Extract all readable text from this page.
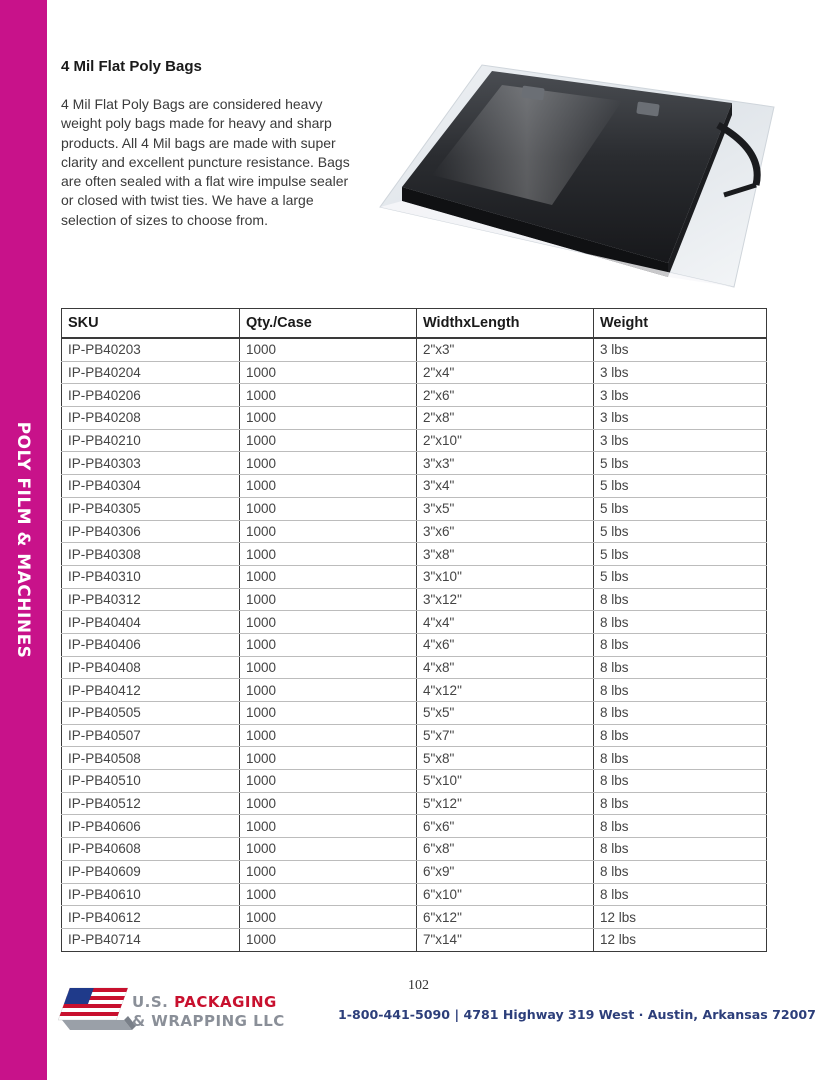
POLY FILM & MACHINES
4 Mil Flat Poly Bags
4 Mil Flat Poly Bags are considered heavy weight poly bags made for heavy and sharp products. All 4 Mil bags are made with super clarity and excellent puncture resistance. Bags are often sealed with a flat wire impulse sealer or closed with twist ties. We have a large selection of sizes to choose from.
SKU	Qty./Case	WidthxLength	Weight
IP-PB40203	1000	2"x3"	3 lbs
IP-PB40204	1000	2"x4"	3 lbs
IP-PB40206	1000	2"x6"	3 lbs
IP-PB40208	1000	2"x8"	3 lbs
IP-PB40210	1000	2"x10"	3 lbs
IP-PB40303	1000	3"x3"	5 lbs
IP-PB40304	1000	3"x4"	5 lbs
IP-PB40305	1000	3"x5"	5 lbs
IP-PB40306	1000	3"x6"	5 lbs
IP-PB40308	1000	3"x8"	5 lbs
IP-PB40310	1000	3"x10"	5 lbs
IP-PB40312	1000	3"x12"	8 lbs
IP-PB40404	1000	4"x4"	8 lbs
IP-PB40406	1000	4"x6"	8 lbs
IP-PB40408	1000	4"x8"	8 lbs
IP-PB40412	1000	4"x12"	8 lbs
IP-PB40505	1000	5"x5"	8 lbs
IP-PB40507	1000	5"x7"	8 lbs
IP-PB40508	1000	5"x8"	8 lbs
IP-PB40510	1000	5"x10"	8 lbs
IP-PB40512	1000	5"x12"	8 lbs
IP-PB40606	1000	6"x6"	8 lbs
IP-PB40608	1000	6"x8"	8 lbs
IP-PB40609	1000	6"x9"	8 lbs
IP-PB40610	1000	6"x10"	8 lbs
IP-PB40612	1000	6"x12"	12 lbs
IP-PB40714	1000	7"x14"	12 lbs
102
U.S. PACKAGING
& WRAPPING LLC	1-800-441-5090 | 4781 Highway 319 West · Austin, Arkansas 72007
